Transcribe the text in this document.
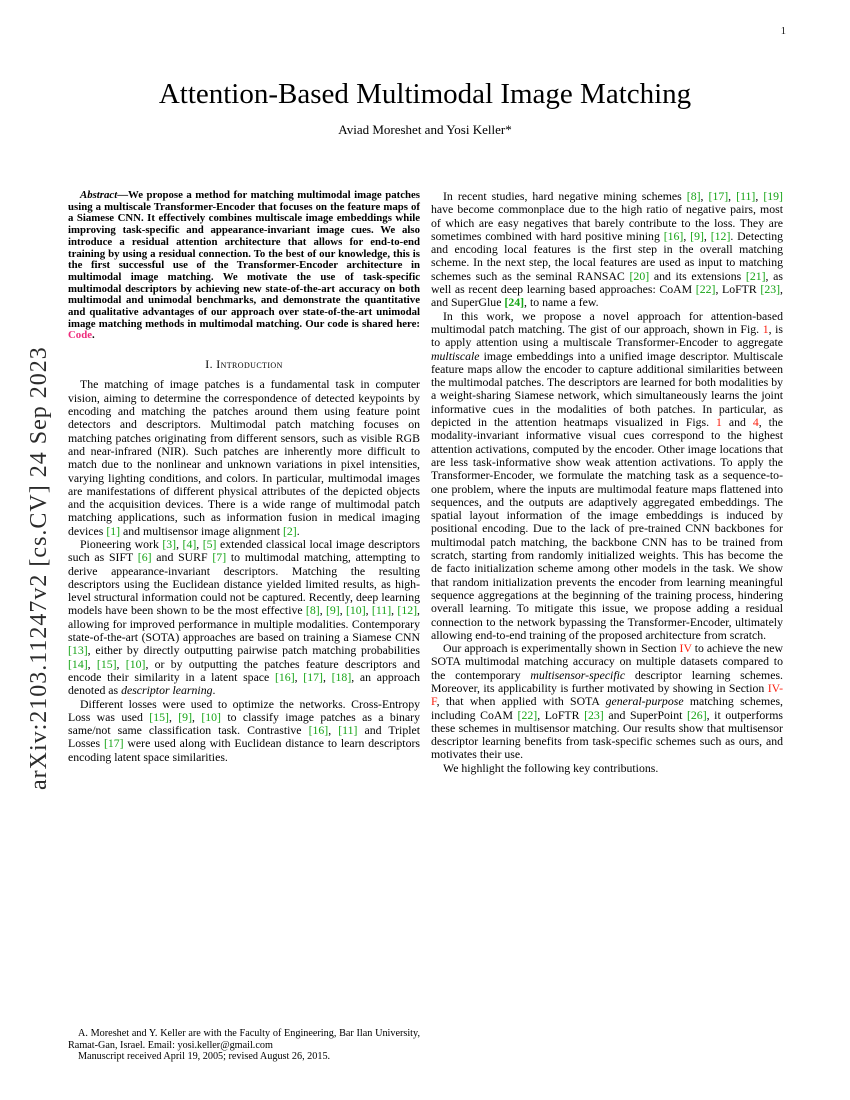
1
arXiv:2103.11247v2 [cs.CV] 24 Sep 2023
Attention-Based Multimodal Image Matching
Aviad Moreshet and Yosi Keller*

Abstract—We propose a method for matching multimodal image patches using a multiscale Transformer-Encoder that focuses on the feature maps of a Siamese CNN. It effectively combines multiscale image embeddings while improving task-specific and appearance-invariant image cues. We also introduce a residual attention architecture that allows for end-to-end training by using a residual connection. To the best of our knowledge, this is the first successful use of the Transformer-Encoder architecture in multimodal image matching. We motivate the use of task-specific multimodal descriptors by achieving new state-of-the-art accuracy on both multimodal and unimodal benchmarks, and demonstrate the quantitative and qualitative advantages of our approach over state-of-the-art unimodal image matching methods in multimodal matching. Our code is shared here: Code.

I. Introduction

The matching of image patches is a fundamental task in computer vision, aiming to determine the correspondence of detected keypoints by encoding and matching the patches around them using feature point detectors and descriptors. Multimodal patch matching focuses on matching patches originating from different sensors, such as visible RGB and near-infrared (NIR). Such patches are inherently more difficult to match due to the nonlinear and unknown variations in pixel intensities, varying lighting conditions, and colors. In particular, multimodal images are manifestations of different physical attributes of the depicted objects and the acquisition devices. There is a wide range of multimodal patch matching applications, such as information fusion in medical imaging devices [1] and multisensor image alignment [2].

Pioneering work [3], [4], [5] extended classical local image descriptors such as SIFT [6] and SURF [7] to multimodal matching, attempting to derive appearance-invariant descriptors. Matching the resulting descriptors using the Euclidean distance yielded limited results, as high-level structural information could not be captured. Recently, deep learning models have been shown to be the most effective [8], [9], [10], [11], [12], allowing for improved performance in multiple modalities. Contemporary state-of-the-art (SOTA) approaches are based on training a Siamese CNN [13], either by directly outputting pairwise patch matching probabilities [14], [15], [10], or by outputting the patches feature descriptors and encode their similarity in a latent space [16], [17], [18], an approach denoted as descriptor learning.

Different losses were used to optimize the networks. Cross-Entropy Loss was used [15], [9], [10] to classify image patches as a binary same/not same classification task. Contrastive [16], [11] and Triplet Losses [17] were used along with Euclidean distance to learn descriptors encoding latent space similarities.

In recent studies, hard negative mining schemes [8], [17], [11], [19] have become commonplace due to the high ratio of negative pairs, most of which are easy negatives that barely contribute to the loss. They are sometimes combined with hard positive mining [16], [9], [12]. Detecting and encoding local features is the first step in the overall matching scheme. In the next step, the local features are used as input to matching schemes such as the seminal RANSAC [20] and its extensions [21], as well as recent deep learning based approaches: CoAM [22], LoFTR [23], and SuperGlue [24], to name a few.

In this work, we propose a novel approach for attention-based multimodal patch matching. The gist of our approach, shown in Fig. 1, is to apply attention using a multiscale Transformer-Encoder to aggregate multiscale image embeddings into a unified image descriptor. Multiscale feature maps allow the encoder to capture additional similarities between the multimodal patches. The descriptors are learned for both modalities by a weight-sharing Siamese network, which simultaneously learns the joint informative cues in the modalities of both patches. In particular, as depicted in the attention heatmaps visualized in Figs. 1 and 4, the modality-invariant informative visual cues correspond to the highest attention activations, computed by the encoder. Other image locations that are less task-informative show weak attention activations. To apply the Transformer-Encoder, we formulate the matching task as a sequence-to-one problem, where the inputs are multimodal feature maps flattened into sequences, and the outputs are adaptively aggregated embeddings. The spatial layout information of the image embeddings is induced by positional encoding. Due to the lack of pre-trained CNN backbones for multimodal patch matching, the backbone CNN has to be trained from scratch, starting from randomly initialized weights. This has become the de facto initialization scheme among other models in the task. We show that random initialization prevents the encoder from learning meaningful sequence aggregations at the beginning of the training process, hindering overall learning. To mitigate this issue, we propose adding a residual connection to the network bypassing the Transformer-Encoder, ultimately allowing end-to-end training of the proposed architecture from scratch.

Our approach is experimentally shown in Section IV to achieve the new SOTA multimodal matching accuracy on multiple datasets compared to the contemporary multisensor-specific descriptor learning schemes. Moreover, its applicability is further motivated by showing in Section IV-F, that when applied with SOTA general-purpose matching schemes, including CoAM [22], LoFTR [23] and SuperPoint [26], it outperforms these schemes in multisensor matching. Our results show that multisensor descriptor learning benefits from task-specific schemes such as ours, and motivates their use.

We highlight the following key contributions.

A. Moreshet and Y. Keller are with the Faculty of Engineering, Bar Ilan University, Ramat-Gan, Israel. Email: yosi.keller@gmail.com

Manuscript received April 19, 2005; revised August 26, 2015.
